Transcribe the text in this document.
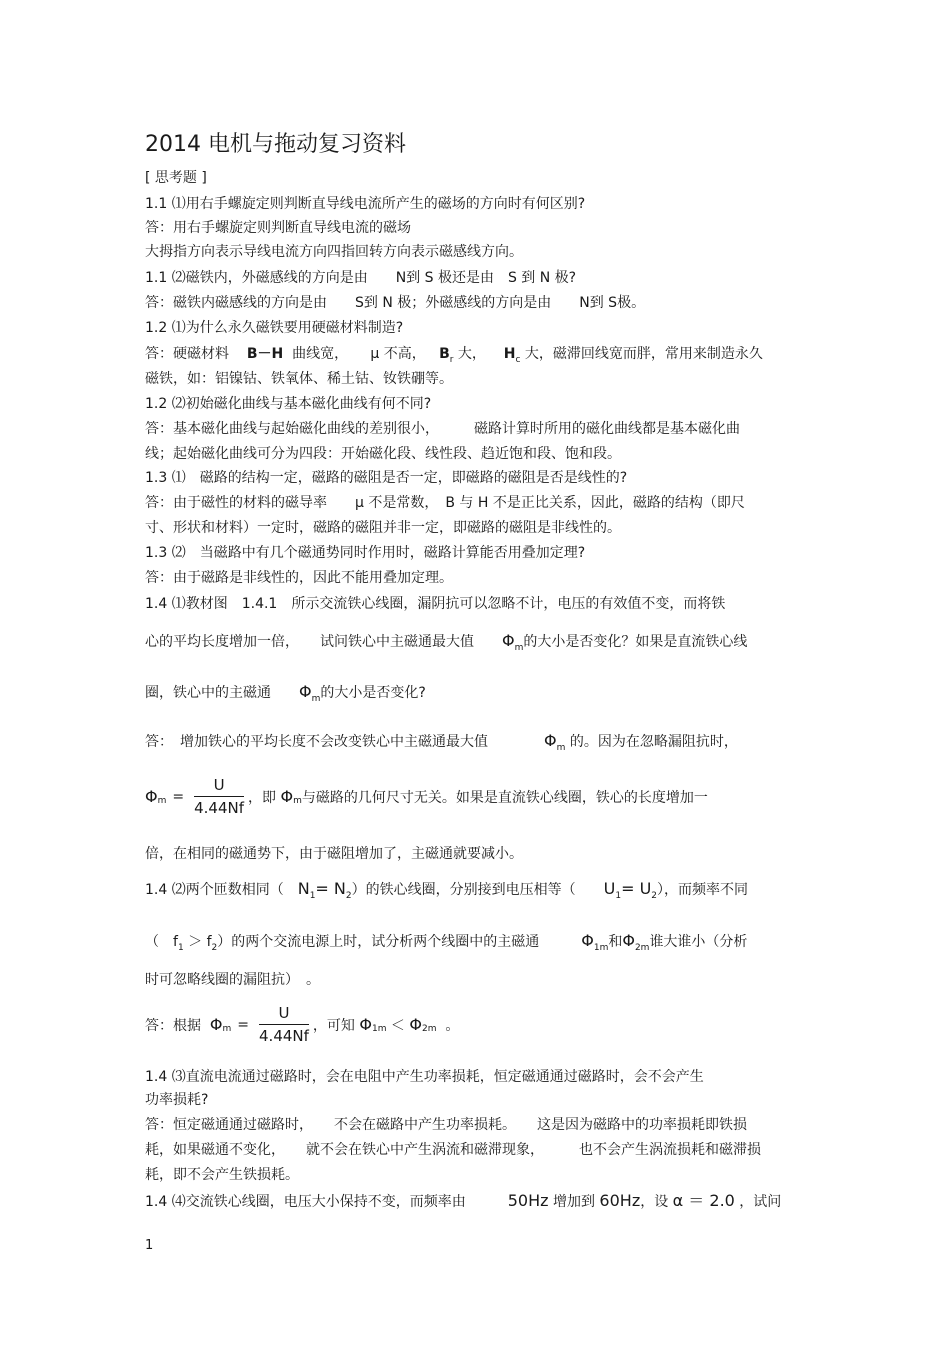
2014 电机与拖动复习资料
[ 思考题 ]
1.1 ⑴用右手螺旋定则判断直导线电流所产生的磁场的方向时有何区别?
答：用右手螺旋定则判断直导线电流的磁场
大拇指方向表示导线电流方向四指回转方向表示磁感线方向。
1.1 ⑵磁铁内，外磁感线的方向是由　　N到 S 极还是由　S 到 N 极?
答：磁铁内磁感线的方向是由　　S到 N 极；外磁感线的方向是由　　N到 S极。
1.2 ⑴为什么永久磁铁要用硬磁材料制造?
答：硬磁材料 B－H 曲线宽， μ 不高， $B_r$ 大， $H_c$ 大，磁滞回线宽而胖，常用来制造永久
磁铁，如：铝镍钴、铁氧体、稀土钴、钕铁硼等。
1.2 ⑵初始磁化曲线与基本磁化曲线有何不同?
答：基本磁化曲线与起始磁化曲线的差别很小，　　　磁路计算时所用的磁化曲线都是基本磁化曲
线；起始磁化曲线可分为四段：开始磁化段、线性段、趋近饱和段、饱和段。
1.3 ⑴　磁路的结构一定，磁路的磁阻是否一定，即磁路的磁阻是否是线性的?
答：由于磁性的材料的磁导率　　μ 不是常数，　B 与 H 不是正比关系，因此，磁路的结构（即尺
寸、形状和材料）一定时，磁路的磁阻并非一定，即磁路的磁阻是非线性的。
1.3 ⑵　当磁路中有几个磁通势同时作用时，磁路计算能否用叠加定理?
答：由于磁路是非线性的，因此不能用叠加定理。
1.4 ⑴教材图　1.4.1　所示交流铁心线圈，漏阴抗可以忽略不计，电压的有效值不变，而将铁
心的平均长度增加一倍，　　试问铁心中主磁通最大值　　$\Phi_m$的大小是否变化？如果是直流铁心线
圈，铁心中的主磁通　　$\Phi_m$的大小是否变化?
答：　增加铁心的平均长度不会改变铁心中主磁通最大值　　　　$\Phi_m$ 的。因为在忽略漏阻抗时，
Φ $m = \frac{U}{4.44Nf}$ ，即
Φ m 与磁路的几何尺寸无关。如果是直流铁心线圈，铁心的长度增加一
倍，在相同的磁通势下，由于磁阻增加了，主磁通就要减小。
1.4 ⑵两个匝数相同（　$N_1= N_2$）的铁心线圈，分别接到电压相等（　　$U_1= U_2$），而频率不同
（　$f_1 > f_2$）的两个交流电源上时，试分析两个线圈中的主磁通　　　$\Phi_{1m}$和$\Phi_{2m}$谁大谁小（分析
时可忽略线圈的漏阻抗）　。
答：根据
Φ $m = \frac{U}{4.44Nf}$ ，可知
Φ 1m
＜
Φ 2m
。
1.4 ⑶直流电流通过磁路时，会在电阻中产生功率损耗，恒定磁通通过磁路时，会不会产生
功率损耗?
答：恒定磁通通过磁路时，　　不会在磁路中产生功率损耗。　　这是因为磁路中的功率损耗即铁损
耗，如果磁通不变化，　　就不会在铁心中产生涡流和磁滞现象，　　　也不会产生涡流损耗和磁滞损
耗，即不会产生铁损耗。
1.4 ⑷交流铁心线圈，电压大小保持不变，而频率由　　　50Hz 增加到 60Hz，设 α ＝ 2.0 ，试问
1
